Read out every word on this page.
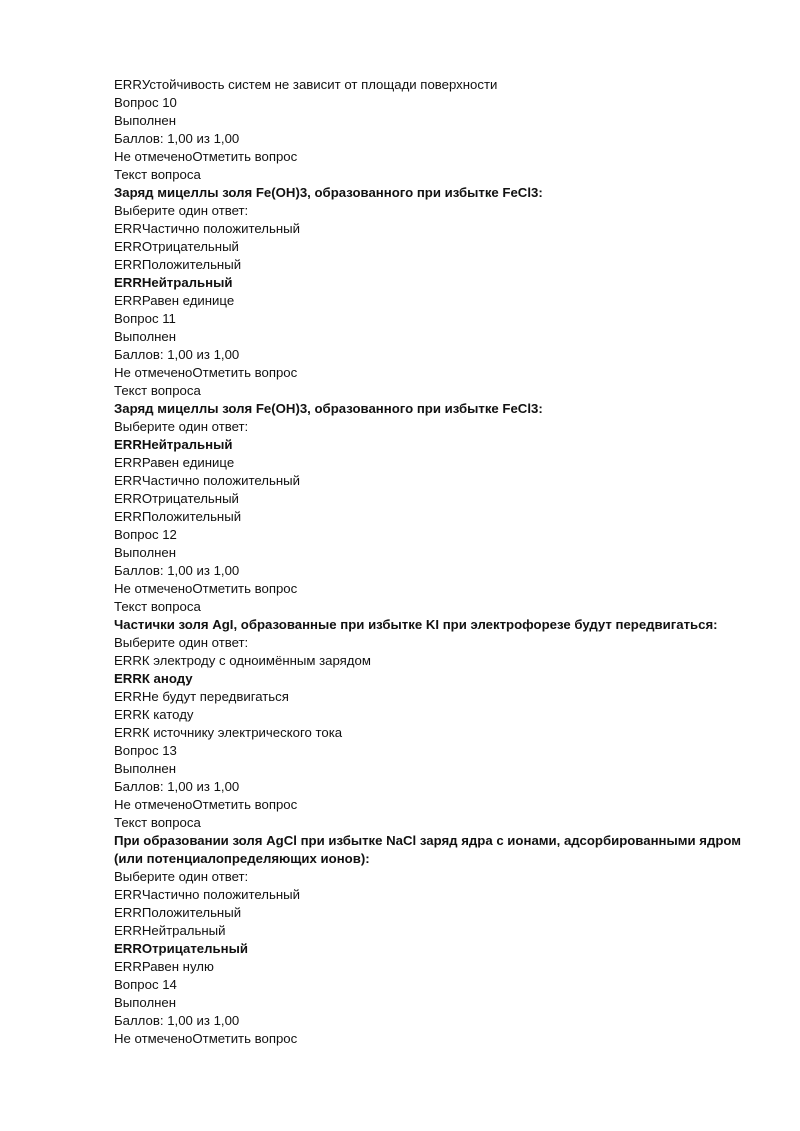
ERRУстойчивость систем не зависит от площади поверхности
Вопрос 10
Выполнен
Баллов: 1,00 из 1,00
Не отмеченоОтметить вопрос
Текст вопроса
Заряд мицеллы золя Fe(OH)3, образованного при избытке FeCl3:
Выберите один ответ:
ERRЧастично положительный
ERRОтрицательный
ERRПоложительный
ERRНейтральный
ERRРавен единице
Вопрос 11
Выполнен
Баллов: 1,00 из 1,00
Не отмеченоОтметить вопрос
Текст вопроса
Заряд мицеллы золя Fe(OH)3, образованного при избытке FeCl3:
Выберите один ответ:
ERRНейтральный
ERRРавен единице
ERRЧастично положительный
ERRОтрицательный
ERRПоложительный
Вопрос 12
Выполнен
Баллов: 1,00 из 1,00
Не отмеченоОтметить вопрос
Текст вопроса
Частички золя AgI, образованные при избытке KI при электрофорезе будут передвигаться:
Выберите один ответ:
ERRК электроду с одноимённым зарядом
ERRК аноду
ERRНе будут передвигаться
ERRК катоду
ERRК источнику электрического тока
Вопрос 13
Выполнен
Баллов: 1,00 из 1,00
Не отмеченоОтметить вопрос
Текст вопроса
При образовании золя AgCl при избытке NaCl заряд ядра с ионами, адсорбированными ядром (или потенциалопределяющих ионов):
Выберите один ответ:
ERRЧастично положительный
ERRПоложительный
ERRНейтральный
ERRОтрицательный
ERRРавен нулю
Вопрос 14
Выполнен
Баллов: 1,00 из 1,00
Не отмеченоОтметить вопрос
